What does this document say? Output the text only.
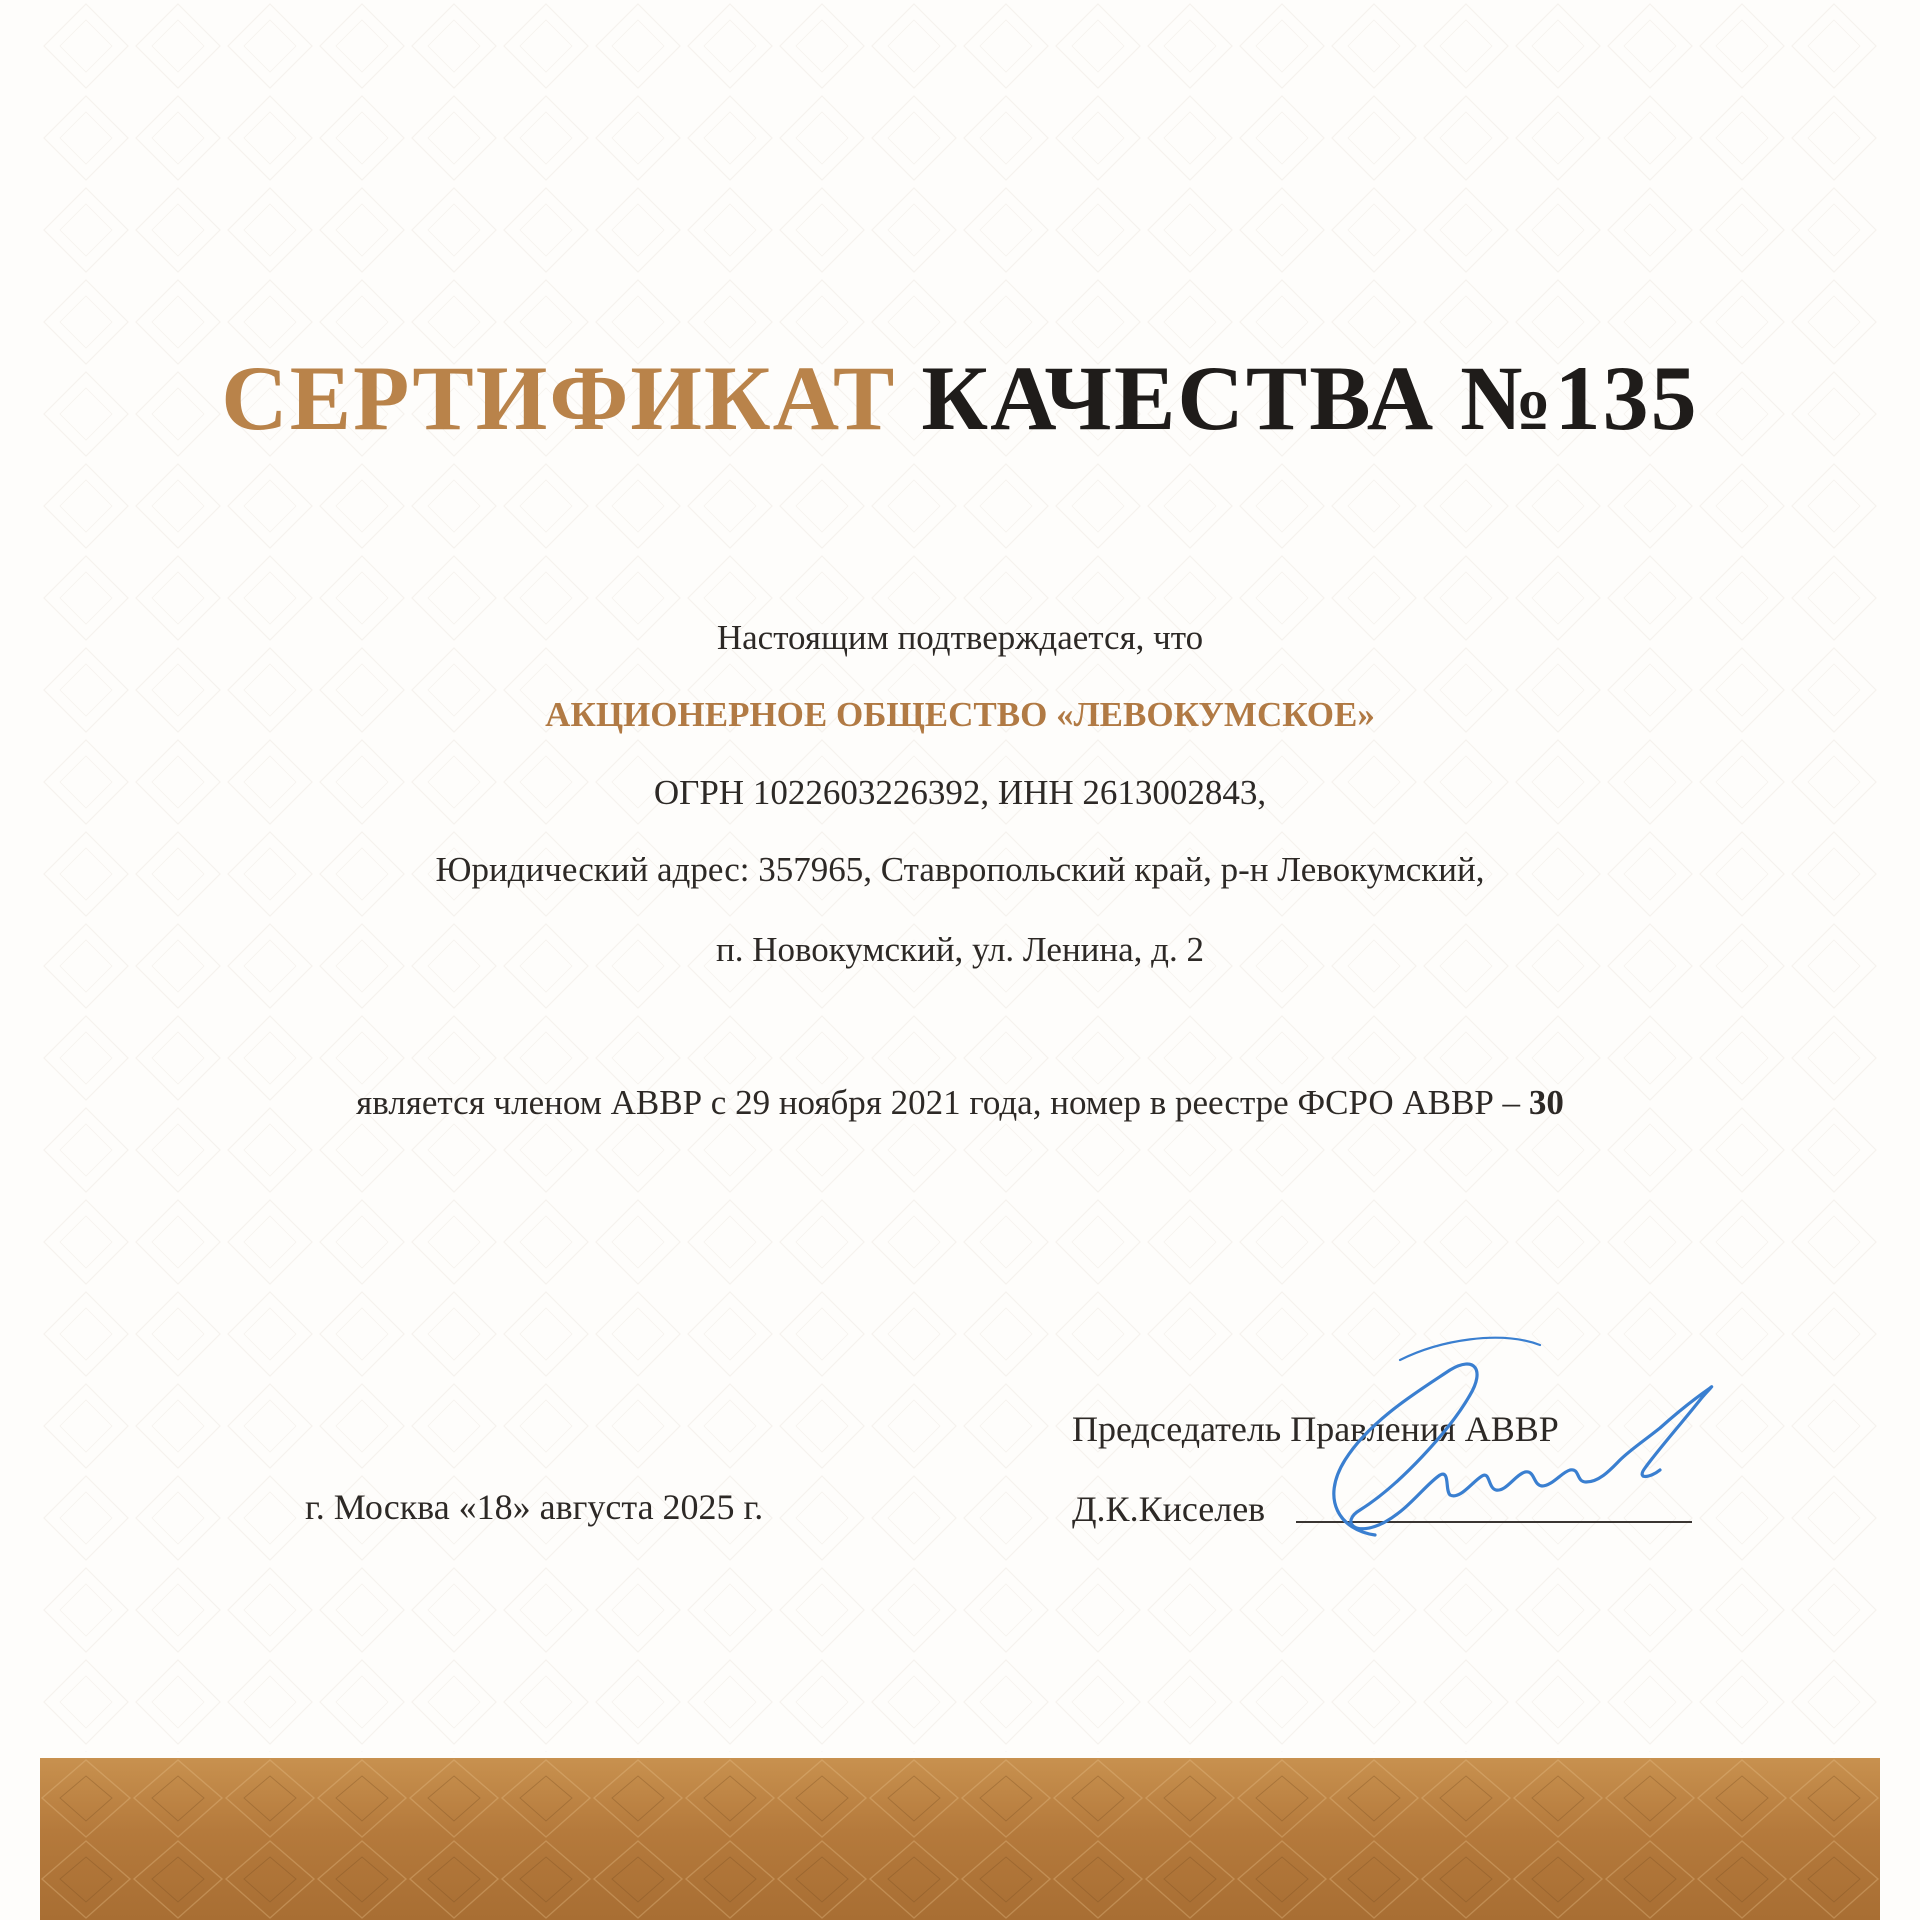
СЕРТИФИКАТ КАЧЕСТВА №135
Настоящим подтверждается, что
АКЦИОНЕРНОЕ ОБЩЕСТВО «ЛЕВОКУМСКОЕ»
ОГРН 1022603226392, ИНН 2613002843,
Юридический адрес: 357965, Ставропольский край, р-н Левокумский,
п. Новокумский, ул. Ленина, д. 2
является членом АВВР с 29 ноября 2021 года, номер в реестре ФСРО АВВР – 30
г. Москва «18» августа 2025 г.
Председатель Правления АВВР
Д.К.Киселев
